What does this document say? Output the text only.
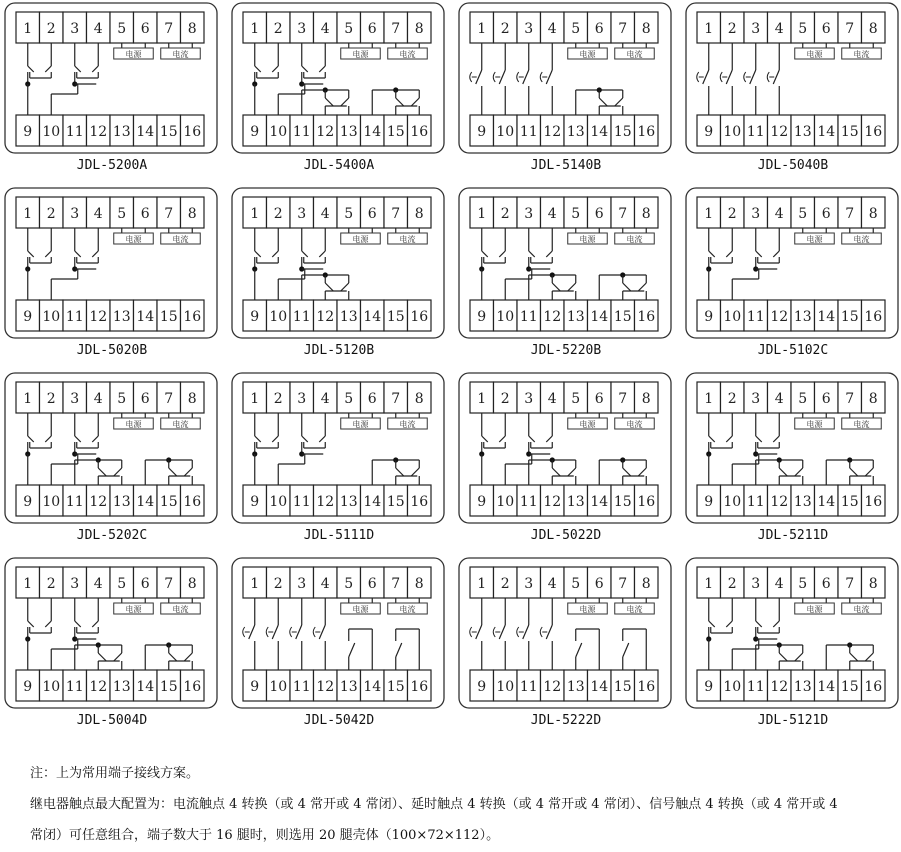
1 2 3 4 5 6 7 8
9 10 11 12 13 14 15 16
电源	电流
JDL-5200A
1 2 3 4 5 6 7 8
9 10 11 12 13 14 15 16
电源	电流
JDL-5400A
1 2 3 4 5 6 7 8
9 10 11 12 13 14 15 16
电源	电流
JDL-5140B
1 2 3 4 5 6 7 8
9 10 11 12 13 14 15 16
电源	电流
JDL-5040B
1 2 3 4 5 6 7 8
9 10 11 12 13 14 15 16
电源	电流
JDL-5020B
1 2 3 4 5 6 7 8
9 10 11 12 13 14 15 16
电源	电流
JDL-5120B
1 2 3 4 5 6 7 8
9 10 11 12 13 14 15 16
电源	电流
JDL-5220B
1 2 3 4 5 6 7 8
9 10 11 12 13 14 15 16
电源	电流
JDL-5102C
1 2 3 4 5 6 7 8
9 10 11 12 13 14 15 16
电源	电流
JDL-5202C
1 2 3 4 5 6 7 8
9 10 11 12 13 14 15 16
电源	电流
JDL-5111D
1 2 3 4 5 6 7 8
9 10 11 12 13 14 15 16
电源	电流
JDL-5022D
1 2 3 4 5 6 7 8
9 10 11 12 13 14 15 16
电源	电流
JDL-5211D
1 2 3 4 5 6 7 8
9 10 11 12 13 14 15 16
电源	电流
JDL-5004D
1 2 3 4 5 6 7 8
9 10 11 12 13 14 15 16
电源	电流
JDL-5042D
1 2 3 4 5 6 7 8
9 10 11 12 13 14 15 16
电源	电流
JDL-5222D
1 2 3 4 5 6 7 8
9 10 11 12 13 14 15 16
电源	电流
JDL-5121D
注：上为常用端子接线方案。
继电器触点最大配置为：电流触点 4 转换（或 4 常开或 4 常闭）、延时触点 4 转换（或 4 常开或 4 常闭）、信号触点 4 转换（或 4 常开或 4
常闭）可任意组合，端子数大于 16 腿时，则选用 20 腿壳体（100×72×112）。
